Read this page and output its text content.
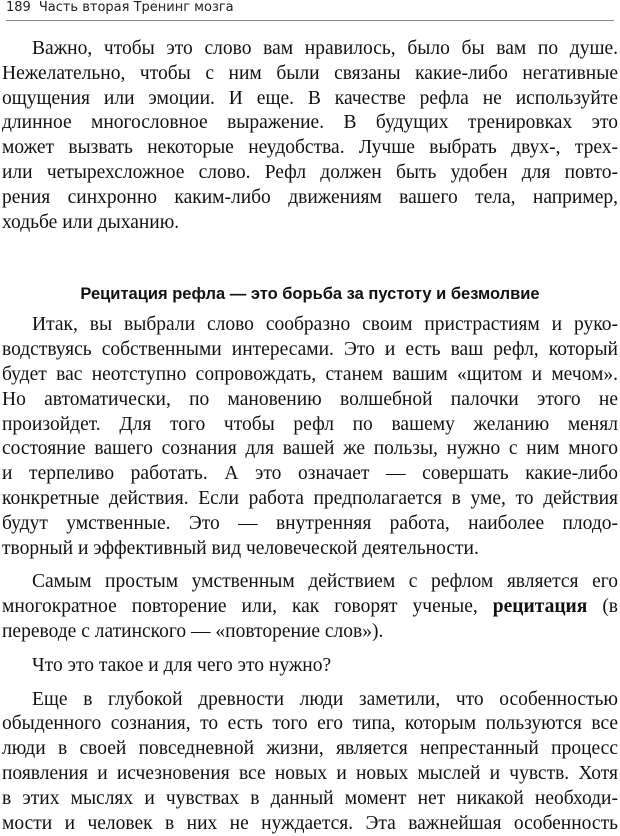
189 Часть вторая Тренинг мозга
Важно, чтобы это слово вам нравилось, было бы вам по душе.
Нежелательно, чтобы с ним были связаны какие-либо негативные
ощущения или эмоции. И еще. В качестве рефла не используйте
длинное многословное выражение. В будущих тренировках это
может вызвать некоторые неудобства. Лучше выбрать двух-, трех-
или четырехсложное слово. Рефл должен быть удобен для повто-
рения синхронно каким-либо движениям вашего тела, например,
ходьбе или дыханию.
Рецитация рефла — это борьба за пустоту и безмолвие
Итак, вы выбрали слово сообразно своим пристрастиям и руко-
водствуясь собственными интересами. Это и есть ваш рефл, который
будет вас неотступно сопровождать, станем вашим «щитом и мечом».
Но автоматически, по мановению волшебной палочки этого не
произойдет. Для того чтобы рефл по вашему желанию менял
состояние вашего сознания для вашей же пользы, нужно с ним много
и терпеливо работать. А это означает — совершать какие-либо
конкретные действия. Если работа предполагается в уме, то действия
будут умственные. Это — внутренняя работа, наиболее плодо-
творный и эффективный вид человеческой деятельности.
Самым простым умственным действием с рефлом является его
многократное повторение или, как говорят ученые, рецитация (в
переводе с латинского — «повторение слов»).
Что это такое и для чего это нужно?
Еще в глубокой древности люди заметили, что особенностью
обыденного сознания, то есть того его типа, которым пользуются все
люди в своей повседневной жизни, является непрестанный процесс
появления и исчезновения все новых и новых мыслей и чувств. Хотя
в этих мыслях и чувствах в данный момент нет никакой необходи-
мости и человек в них не нуждается. Эта важнейшая особенность
